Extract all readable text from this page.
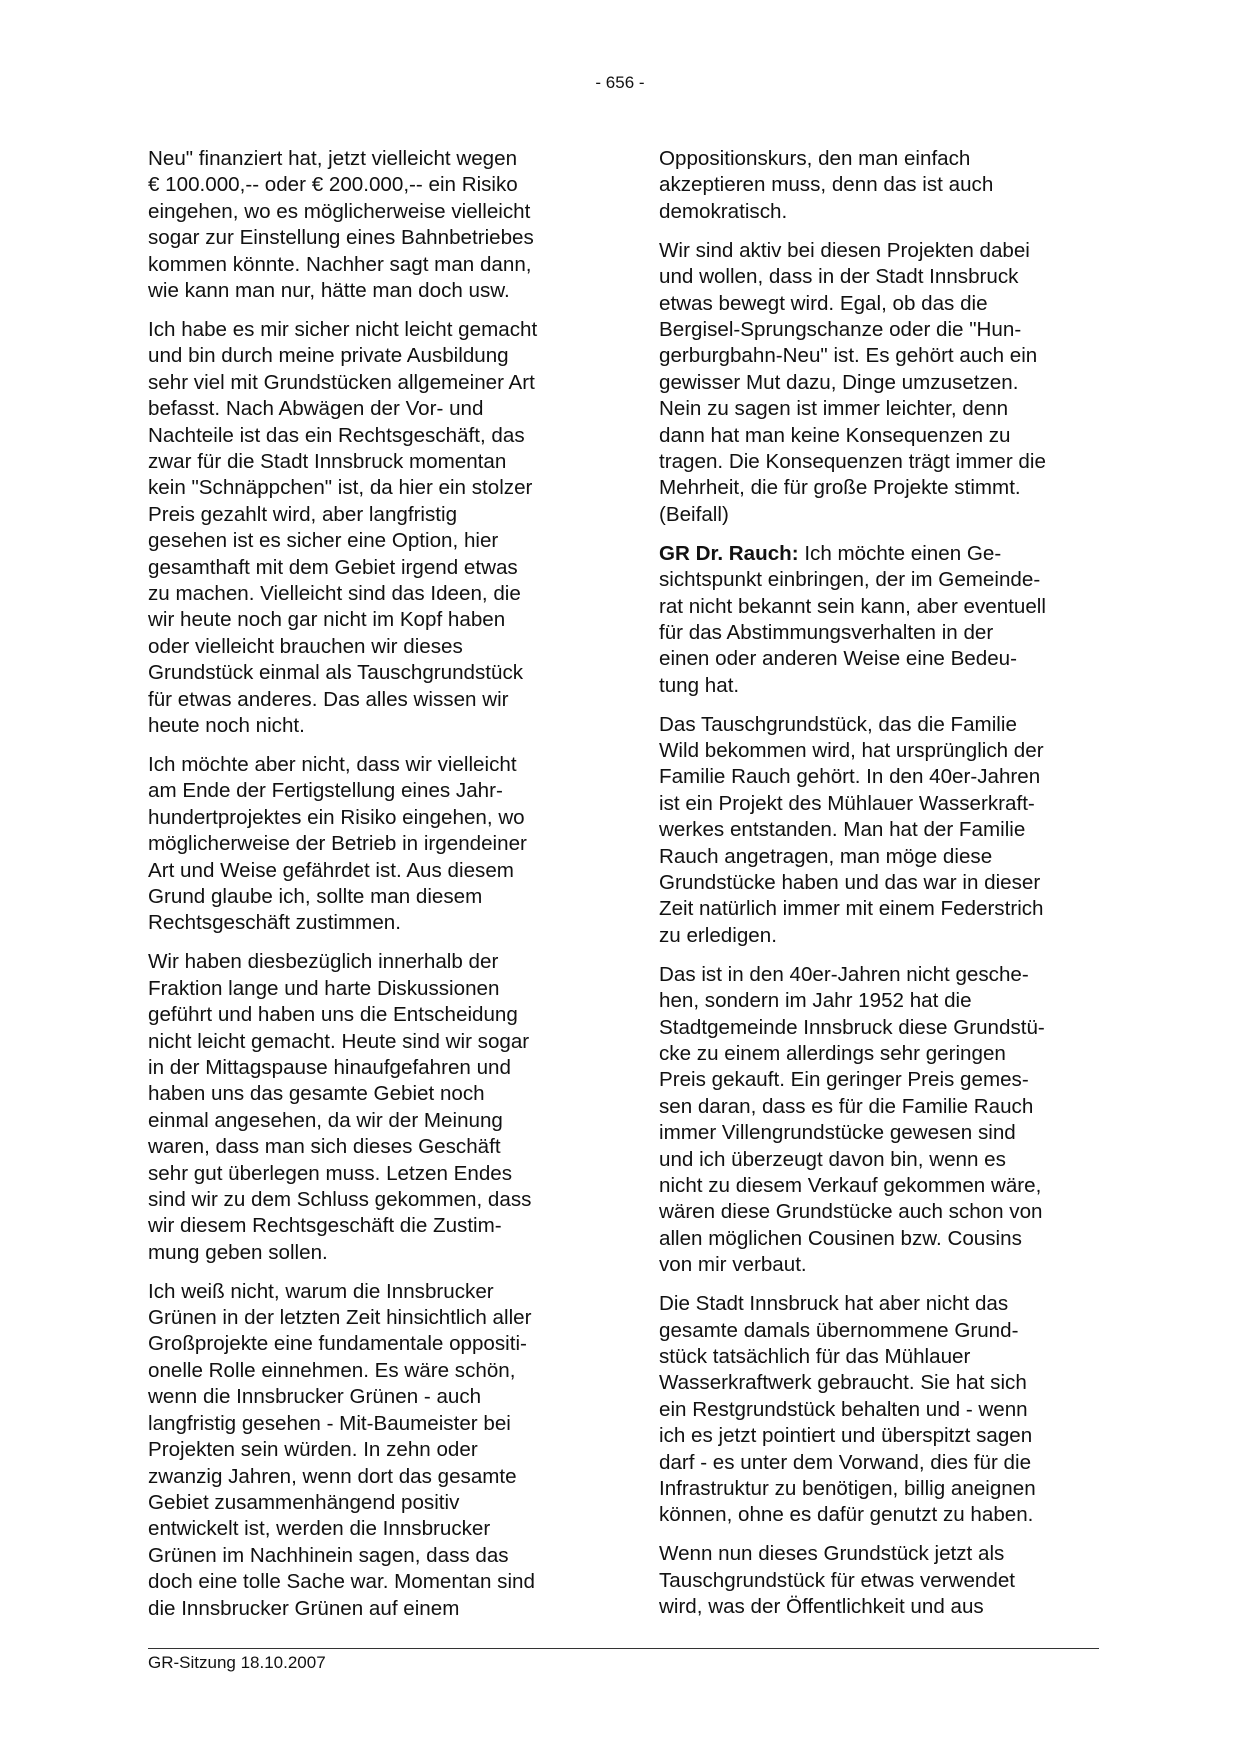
- 656 -

Neu" finanziert hat, jetzt vielleicht wegen
€ 100.000,-- oder € 200.000,-- ein Risiko
eingehen, wo es möglicherweise vielleicht
sogar zur Einstellung eines Bahnbetriebes
kommen könnte. Nachher sagt man dann,
wie kann man nur, hätte man doch usw.

Ich habe es mir sicher nicht leicht gemacht
und bin durch meine private Ausbildung
sehr viel mit Grundstücken allgemeiner Art
befasst. Nach Abwägen der Vor- und
Nachteile ist das ein Rechtsgeschäft, das
zwar für die Stadt Innsbruck momentan
kein "Schnäppchen" ist, da hier ein stolzer
Preis gezahlt wird, aber langfristig
gesehen ist es sicher eine Option, hier
gesamthaft mit dem Gebiet irgend etwas
zu machen. Vielleicht sind das Ideen, die
wir heute noch gar nicht im Kopf haben
oder vielleicht brauchen wir dieses
Grundstück einmal als Tauschgrundstück
für etwas anderes. Das alles wissen wir
heute noch nicht.

Ich möchte aber nicht, dass wir vielleicht
am Ende der Fertigstellung eines Jahr-
hundertprojektes ein Risiko eingehen, wo
möglicherweise der Betrieb in irgendeiner
Art und Weise gefährdet ist. Aus diesem
Grund glaube ich, sollte man diesem
Rechtsgeschäft zustimmen.

Wir haben diesbezüglich innerhalb der
Fraktion lange und harte Diskussionen
geführt und haben uns die Entscheidung
nicht leicht gemacht. Heute sind wir sogar
in der Mittagspause hinaufgefahren und
haben uns das gesamte Gebiet noch
einmal angesehen, da wir der Meinung
waren, dass man sich dieses Geschäft
sehr gut überlegen muss. Letzen Endes
sind wir zu dem Schluss gekommen, dass
wir diesem Rechtsgeschäft die Zustim-
mung geben sollen.

Ich weiß nicht, warum die Innsbrucker
Grünen in der letzten Zeit hinsichtlich aller
Großprojekte eine fundamentale oppositi-
onelle Rolle einnehmen. Es wäre schön,
wenn die Innsbrucker Grünen - auch
langfristig gesehen - Mit-Baumeister bei
Projekten sein würden. In zehn oder
zwanzig Jahren, wenn dort das gesamte
Gebiet zusammenhängend positiv
entwickelt ist, werden die Innsbrucker
Grünen im Nachhinein sagen, dass das
doch eine tolle Sache war. Momentan sind
die Innsbrucker Grünen auf einem

Oppositionskurs, den man einfach
akzeptieren muss, denn das ist auch
demokratisch.

Wir sind aktiv bei diesen Projekten dabei
und wollen, dass in der Stadt Innsbruck
etwas bewegt wird. Egal, ob das die
Bergisel-Sprungschanze oder die "Hun-
gerburgbahn-Neu" ist. Es gehört auch ein
gewisser Mut dazu, Dinge umzusetzen.
Nein zu sagen ist immer leichter, denn
dann hat man keine Konsequenzen zu
tragen. Die Konsequenzen trägt immer die
Mehrheit, die für große Projekte stimmt.
(Beifall)

GR Dr. Rauch: Ich möchte einen Ge-
sichtspunkt einbringen, der im Gemeinde-
rat nicht bekannt sein kann, aber eventuell
für das Abstimmungsverhalten in der
einen oder anderen Weise eine Bedeu-
tung hat.

Das Tauschgrundstück, das die Familie
Wild bekommen wird, hat ursprünglich der
Familie Rauch gehört. In den 40er-Jahren
ist ein Projekt des Mühlauer Wasserkraft-
werkes entstanden. Man hat der Familie
Rauch angetragen, man möge diese
Grundstücke haben und das war in dieser
Zeit natürlich immer mit einem Federstrich
zu erledigen.

Das ist in den 40er-Jahren nicht gesche-
hen, sondern im Jahr 1952 hat die
Stadtgemeinde Innsbruck diese Grundstü-
cke zu einem allerdings sehr geringen
Preis gekauft. Ein geringer Preis gemes-
sen daran, dass es für die Familie Rauch
immer Villengrundstücke gewesen sind
und ich überzeugt davon bin, wenn es
nicht zu diesem Verkauf gekommen wäre,
wären diese Grundstücke auch schon von
allen möglichen Cousinen bzw. Cousins
von mir verbaut.

Die Stadt Innsbruck hat aber nicht das
gesamte damals übernommene Grund-
stück tatsächlich für das Mühlauer
Wasserkraftwerk gebraucht. Sie hat sich
ein Restgrundstück behalten und - wenn
ich es jetzt pointiert und überspitzt sagen
darf - es unter dem Vorwand, dies für die
Infrastruktur zu benötigen, billig aneignen
können, ohne es dafür genutzt zu haben.

Wenn nun dieses Grundstück jetzt als
Tauschgrundstück für etwas verwendet
wird, was der Öffentlichkeit und aus

GR-Sitzung 18.10.2007
